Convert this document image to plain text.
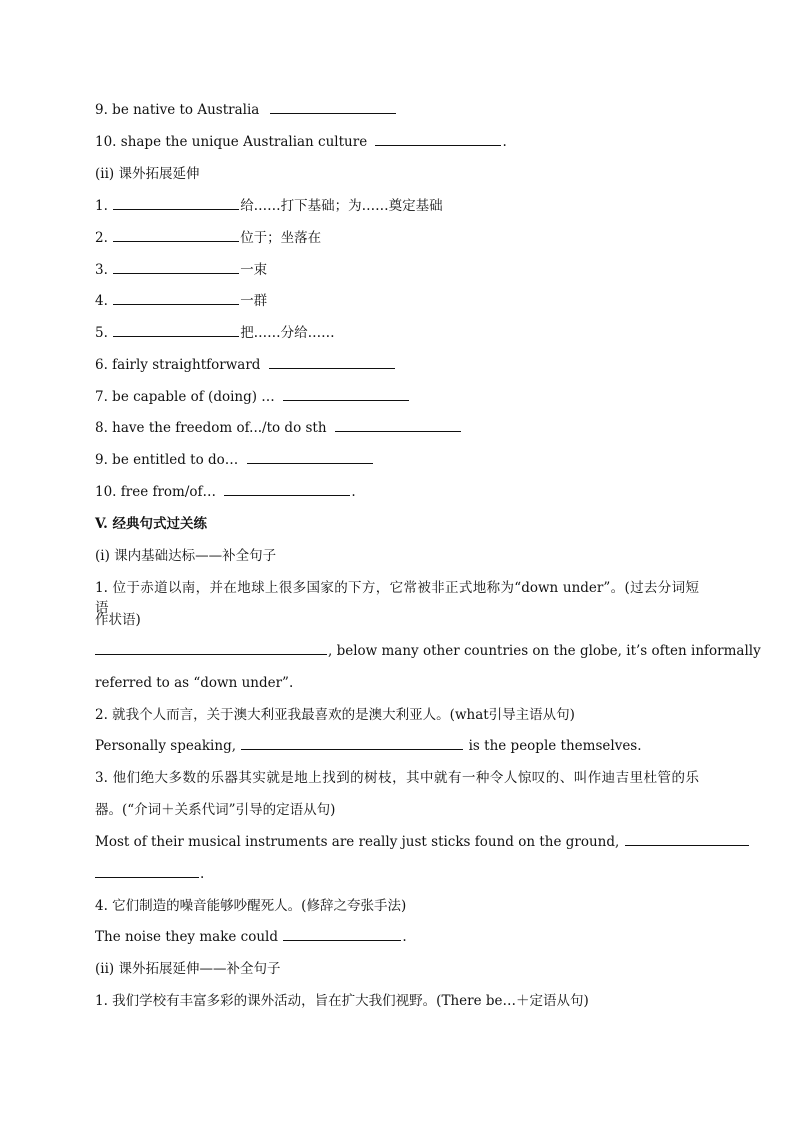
9. be native to Australia
10. shape the unique Australian culture	.
(ii) 课外拓展延伸
1.	给……打下基础；为……奠定基础
2.	位于；坐落在
3.	一束
4.	一群
5.	把……分给……
6. fairly straightforward
7. be capable of (doing) …
8. have the freedom of.../to do sth
9. be entitled to do…
10. free from/of…	.
V. 经典句式过关练
(i) 课内基础达标——补全句子
1. 位于赤道以南，并在地球上很多国家的下方，它常被非正式地称为“down under”。(过去分词短语
作状语)
, below many other countries on the globe, it’s often informally
referred to as “down under”.
2. 就我个人而言，关于澳大利亚我最喜欢的是澳大利亚人。(what引导主语从句)
Personally speaking,	is the people themselves.
3. 他们绝大多数的乐器其实就是地上找到的树枝，其中就有一种令人惊叹的、叫作迪吉里杜管的乐
器。(“介词＋关系代词”引导的定语从句)
Most of their musical instruments are really just sticks found on the ground,
.
4. 它们制造的噪音能够吵醒死人。(修辞之夸张手法)
The noise they make could	.
(ii) 课外拓展延伸——补全句子
1. 我们学校有丰富多彩的课外活动，旨在扩大我们视野。(There be…＋定语从句)
